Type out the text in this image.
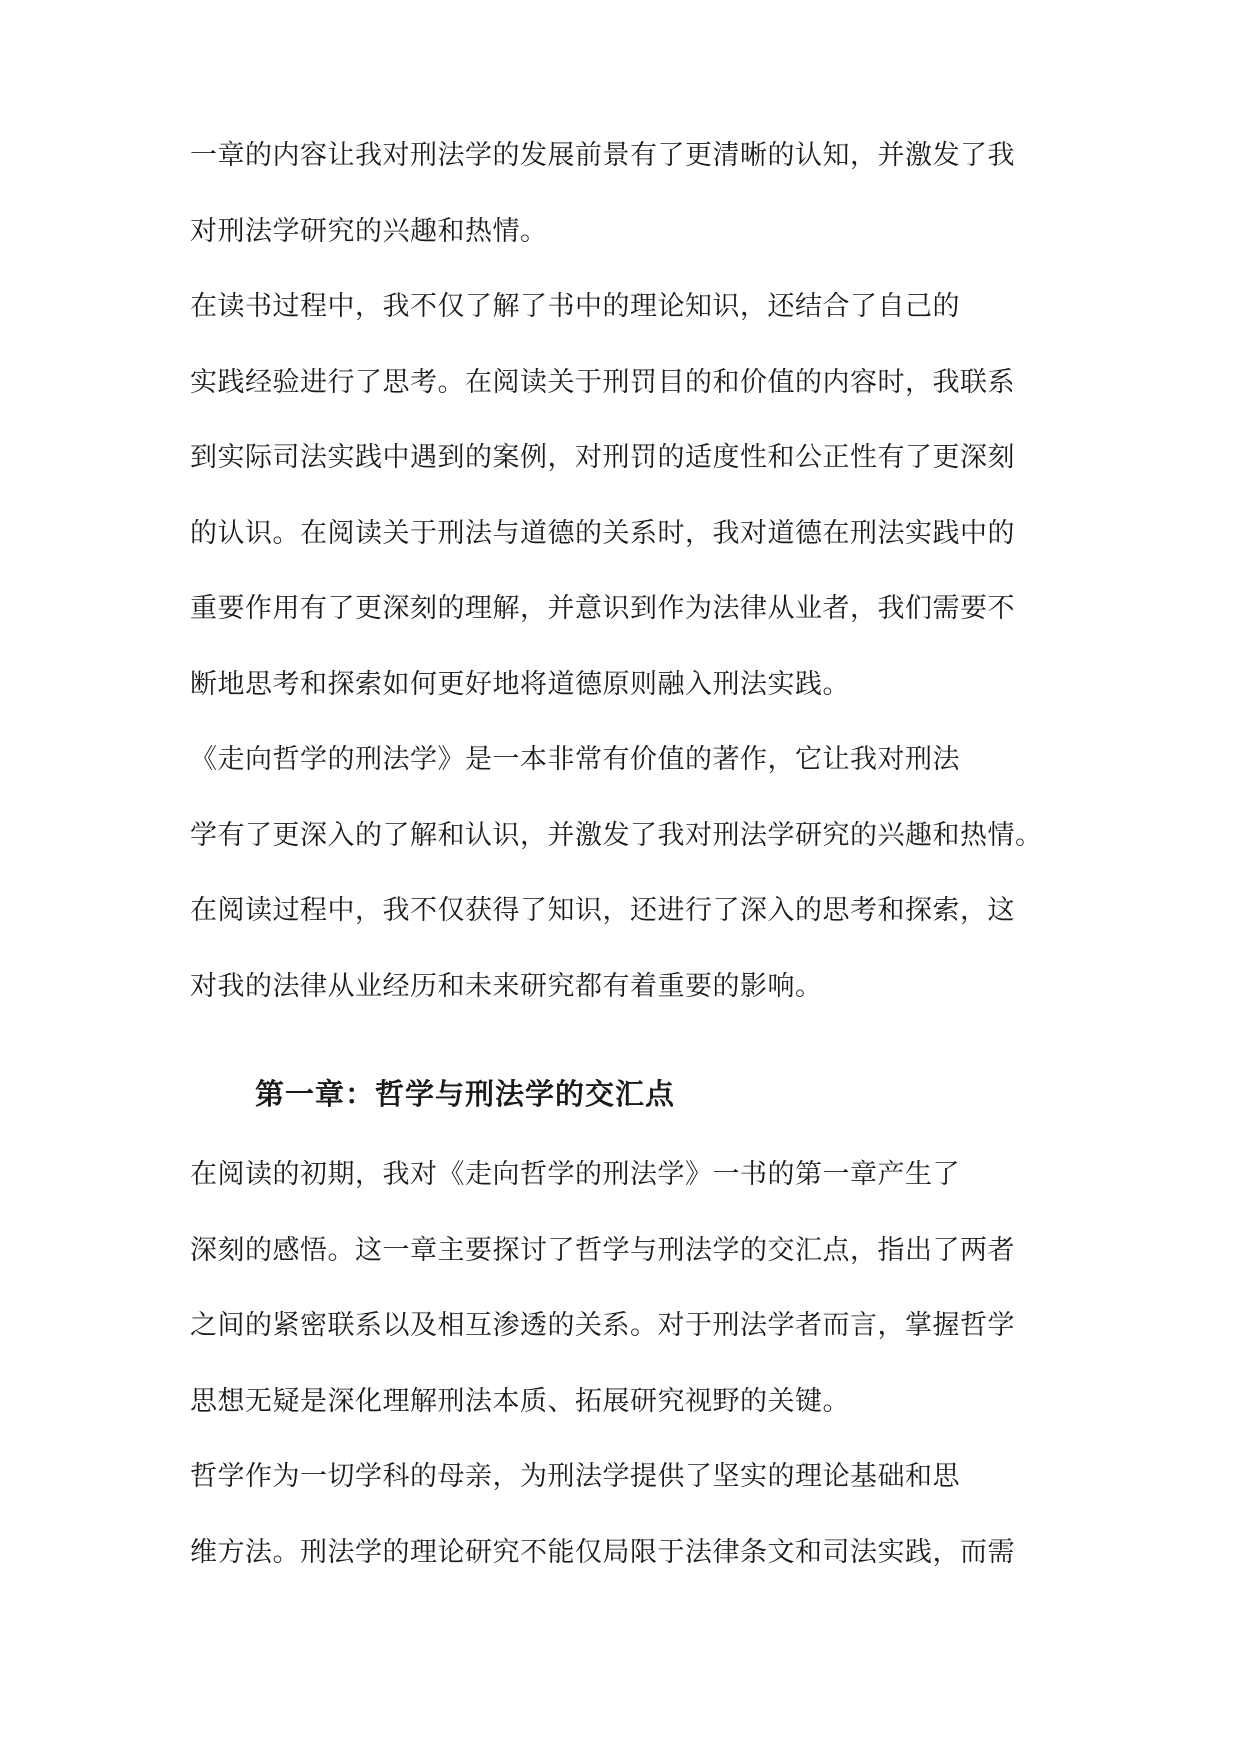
一章的内容让我对刑法学的发展前景有了更清晰的认知，并激发了我
对刑法学研究的兴趣和热情。
在读书过程中，我不仅了解了书中的理论知识，还结合了自己的
实践经验进行了思考。在阅读关于刑罚目的和价值的内容时，我联系
到实际司法实践中遇到的案例，对刑罚的适度性和公正性有了更深刻
的认识。在阅读关于刑法与道德的关系时，我对道德在刑法实践中的
重要作用有了更深刻的理解，并意识到作为法律从业者，我们需要不
断地思考和探索如何更好地将道德原则融入刑法实践。
《走向哲学的刑法学》是一本非常有价值的著作，它让我对刑法
学有了更深入的了解和认识，并激发了我对刑法学研究的兴趣和热情。
在阅读过程中，我不仅获得了知识，还进行了深入的思考和探索，这
对我的法律从业经历和未来研究都有着重要的影响。
第一章：哲学与刑法学的交汇点
在阅读的初期，我对《走向哲学的刑法学》一书的第一章产生了
深刻的感悟。这一章主要探讨了哲学与刑法学的交汇点，指出了两者
之间的紧密联系以及相互渗透的关系。对于刑法学者而言，掌握哲学
思想无疑是深化理解刑法本质、拓展研究视野的关键。
哲学作为一切学科的母亲，为刑法学提供了坚实的理论基础和思
维方法。刑法学的理论研究不能仅局限于法律条文和司法实践，而需
